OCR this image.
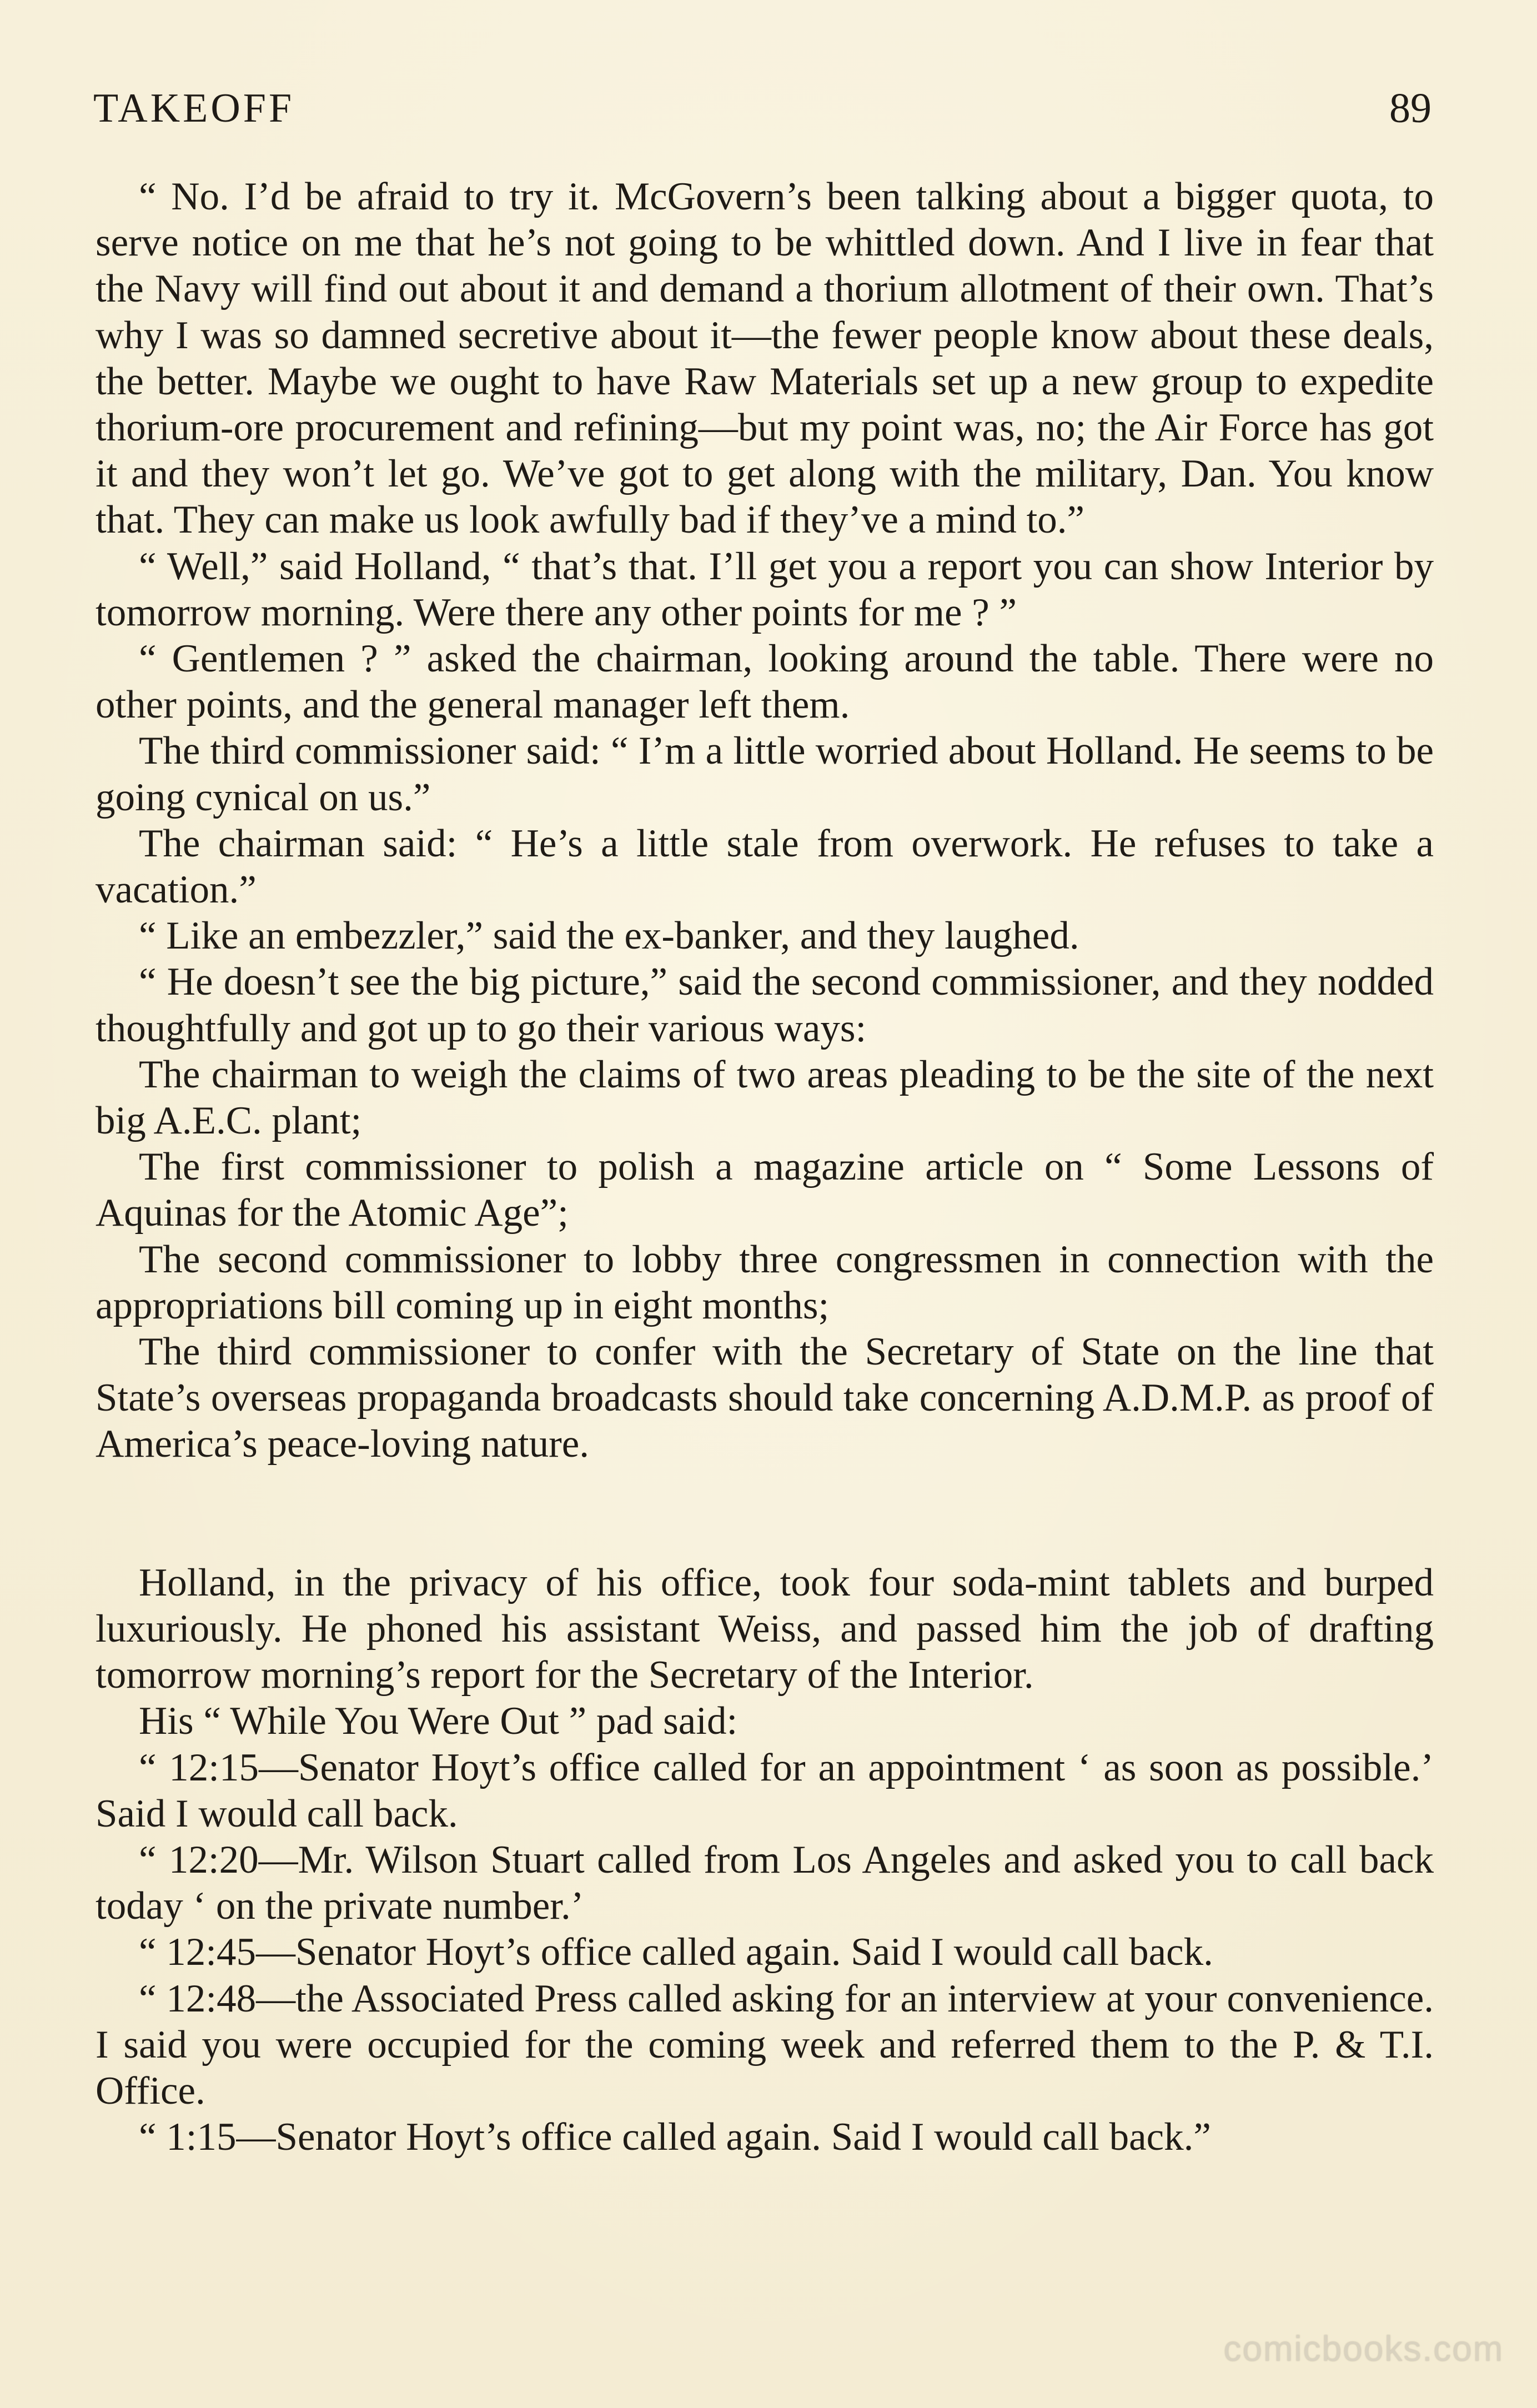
TAKEOFF	89

“ No. I’d be afraid to try it. McGovern’s been talking about a bigger quota, to serve notice on me that he’s not going to be whittled down. And I live in fear that the Navy will find out about it and demand a thorium allotment of their own. That’s why I was so damned secretive about it—the fewer people know about these deals, the better. Maybe we ought to have Raw Materials set up a new group to expedite thorium-ore procurement and refining—but my point was, no; the Air Force has got it and they won’t let go. We’ve got to get along with the military, Dan. You know that. They can make us look awfully bad if they’ve a mind to.”

“ Well,” said Holland, “ that’s that. I’ll get you a report you can show Interior by tomorrow morning. Were there any other points for me ? ”

“ Gentlemen ? ” asked the chairman, looking around the table. There were no other points, and the general manager left them.

The third commissioner said: “ I’m a little worried about Holland. He seems to be going cynical on us.”

The chairman said: “ He’s a little stale from overwork. He refuses to take a vacation.”

“ Like an embezzler,” said the ex-banker, and they laughed.

“ He doesn’t see the big picture,” said the second commissioner, and they nodded thoughtfully and got up to go their various ways:

The chairman to weigh the claims of two areas pleading to be the site of the next big A.E.C. plant;

The first commissioner to polish a magazine article on “ Some Lessons of Aquinas for the Atomic Age”;

The second commissioner to lobby three congressmen in connection with the appropriations bill coming up in eight months;

The third commissioner to confer with the Secretary of State on the line that State’s overseas propaganda broadcasts should take concerning A.D.M.P. as proof of America’s peace-loving nature.

Holland, in the privacy of his office, took four soda-mint tablets and burped luxuriously. He phoned his assistant Weiss, and passed him the job of drafting tomorrow morning’s report for the Secretary of the Interior.

His “ While You Were Out ” pad said:

“ 12:15—Senator Hoyt’s office called for an appointment ‘ as soon as possible.’ Said I would call back.

“ 12:20—Mr. Wilson Stuart called from Los Angeles and asked you to call back today ‘ on the private number.’

“ 12:45—Senator Hoyt’s office called again. Said I would call back.

“ 12:48—the Associated Press called asking for an interview at your convenience. I said you were occupied for the coming week and referred them to the P. & T.I. Office.

“ 1:15—Senator Hoyt’s office called again. Said I would call back.”

comicbooks.com
